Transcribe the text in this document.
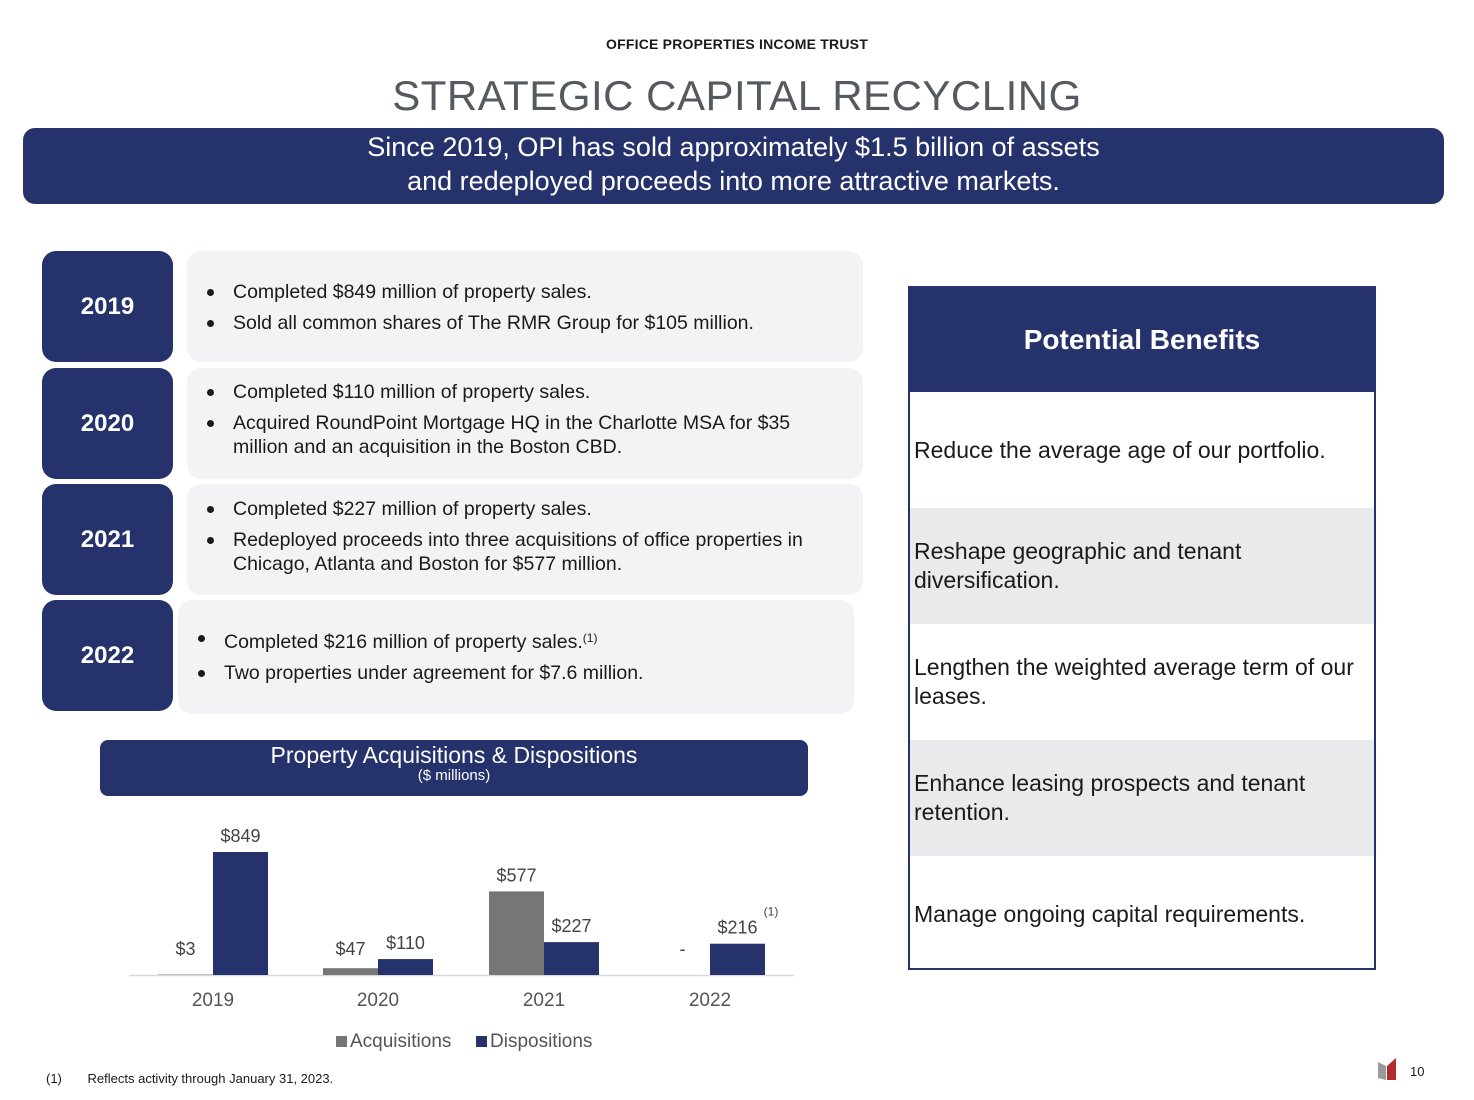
OFFICE PROPERTIES INCOME TRUST
STRATEGIC CAPITAL RECYCLING
Since 2019, OPI has sold approximately $1.5 billion of assets
and redeployed proceeds into more attractive markets.
2019
Completed $849 million of property sales.
Sold all common shares of The RMR Group for $105 million.
2020
Completed $110 million of property sales.
Acquired RoundPoint Mortgage HQ in the Charlotte MSA for $35 million and an acquisition in the Boston CBD.
2021
Completed $227 million of property sales.
Redeployed proceeds into three acquisitions of office properties in Chicago, Atlanta and Boston for $577 million.
2022	Completed $216 million of property sales.$^{(1)}$
Two properties under agreement for $7.6 million.
Property Acquisitions & Dispositions
($ millions)
$3
$849
2019
$47 $110
2020
$577
$227
2021
-
$216
(1)
2022
Acquisitions Dispositions
Potential Benefits
Reduce the average age of our portfolio.
Reshape geographic and tenant diversification.
Lengthen the weighted average term of our leases.
Enhance leasing prospects and tenant retention.
Manage ongoing capital requirements.
(1) Reflects activity through January 31, 2023.	10
